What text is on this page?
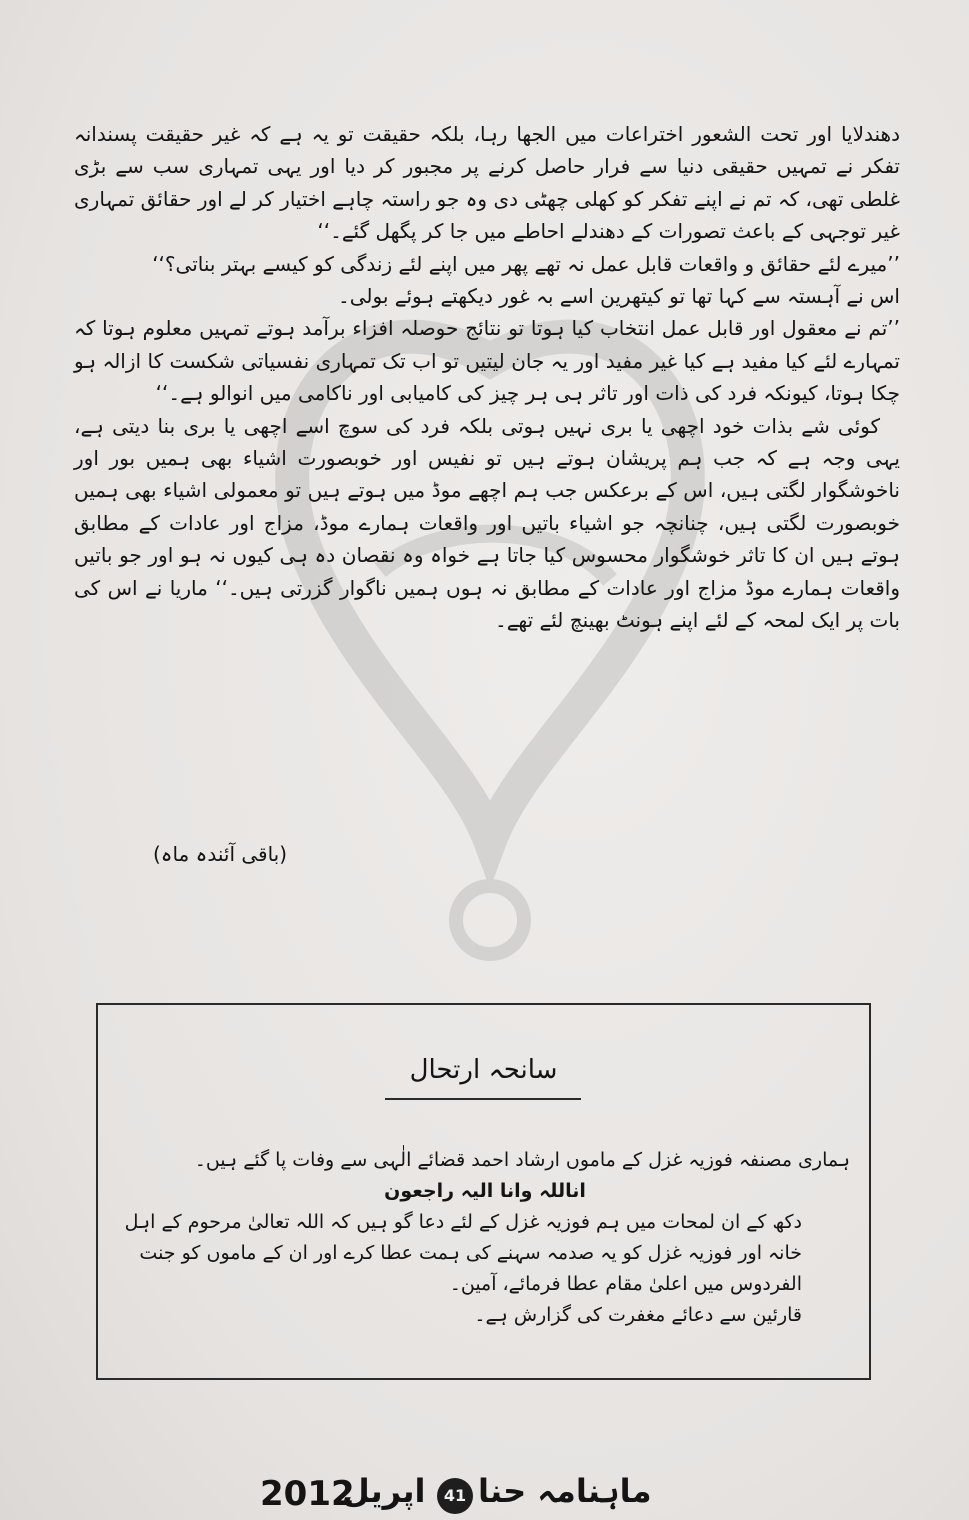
دھندلایا اور تحت الشعور اختراعات میں الجھا رہا، بلکہ حقیقت تو یہ ہے کہ غیر حقیقت پسندانہ تفکر نے تمہیں حقیقی دنیا سے فرار حاصل کرنے پر مجبور کر دیا اور یہی تمہاری سب سے بڑی غلطی تھی، کہ تم نے اپنے تفکر کو کھلی چھٹی دی وہ جو راستہ چاہے اختیار کر لے اور حقائق تمہاری غیر توجہی کے باعث تصورات کے دھندلے احاطے میں جا کر پگھل گئے۔‘‘

’’میرے لئے حقائق و واقعات قابل عمل نہ تھے پھر میں اپنے لئے زندگی کو کیسے بہتر بناتی؟‘‘

اس نے آہستہ سے کہا تھا تو کیتھرین اسے بہ غور دیکھتے ہوئے بولی۔

’’تم نے معقول اور قابل عمل انتخاب کیا ہوتا تو نتائج حوصلہ افزاء برآمد ہوتے تمہیں معلوم ہوتا کہ تمہارے لئے کیا مفید ہے کیا غیر مفید اور یہ جان لیتیں تو اب تک تمہاری نفسیاتی شکست کا ازالہ ہو چکا ہوتا، کیونکہ فرد کی ذات اور تاثر ہی ہر چیز کی کامیابی اور ناکامی میں انوالو ہے۔‘‘

کوئی شے بذات خود اچھی یا بری نہیں ہوتی بلکہ فرد کی سوچ اسے اچھی یا بری بنا دیتی ہے، یہی وجہ ہے کہ جب ہم پریشان ہوتے ہیں تو نفیس اور خوبصورت اشیاء بھی ہمیں بور اور ناخوشگوار لگتی ہیں، اس کے برعکس جب ہم اچھے موڈ میں ہوتے ہیں تو معمولی اشیاء بھی ہمیں خوبصورت لگتی ہیں، چنانچہ جو اشیاء باتیں اور واقعات ہمارے موڈ، مزاج اور عادات کے مطابق ہوتے ہیں ان کا تاثر خوشگوار محسوس کیا جاتا ہے خواہ وہ نقصان دہ ہی کیوں نہ ہو اور جو باتیں واقعات ہمارے موڈ مزاج اور عادات کے مطابق نہ ہوں ہمیں ناگوار گزرتی ہیں۔‘‘ ماریا نے اس کی بات پر ایک لمحہ کے لئے اپنے ہونٹ بھینچ لئے تھے۔

(باقی آئندہ ماہ)
سانحہ ارتحال

ہماری مصنفہ فوزیہ غزل کے ماموں ارشاد احمد قضائے الٰہی سے وفات پا گئے ہیں۔

اناللہ وانا الیہ راجعون

دکھ کے ان لمحات میں ہم فوزیہ غزل کے لئے دعا گو ہیں کہ اللہ تعالیٰ مرحوم کے اہل خانہ اور فوزیہ غزل کو یہ صدمہ سہنے کی ہمت عطا کرے اور ان کے ماموں کو جنت الفردوس میں اعلیٰ مقام عطا فرمائے، آمین۔

قارئین سے دعائے مغفرت کی گزارش ہے۔

2012
اپریل	41 ماہنامہ حنا
